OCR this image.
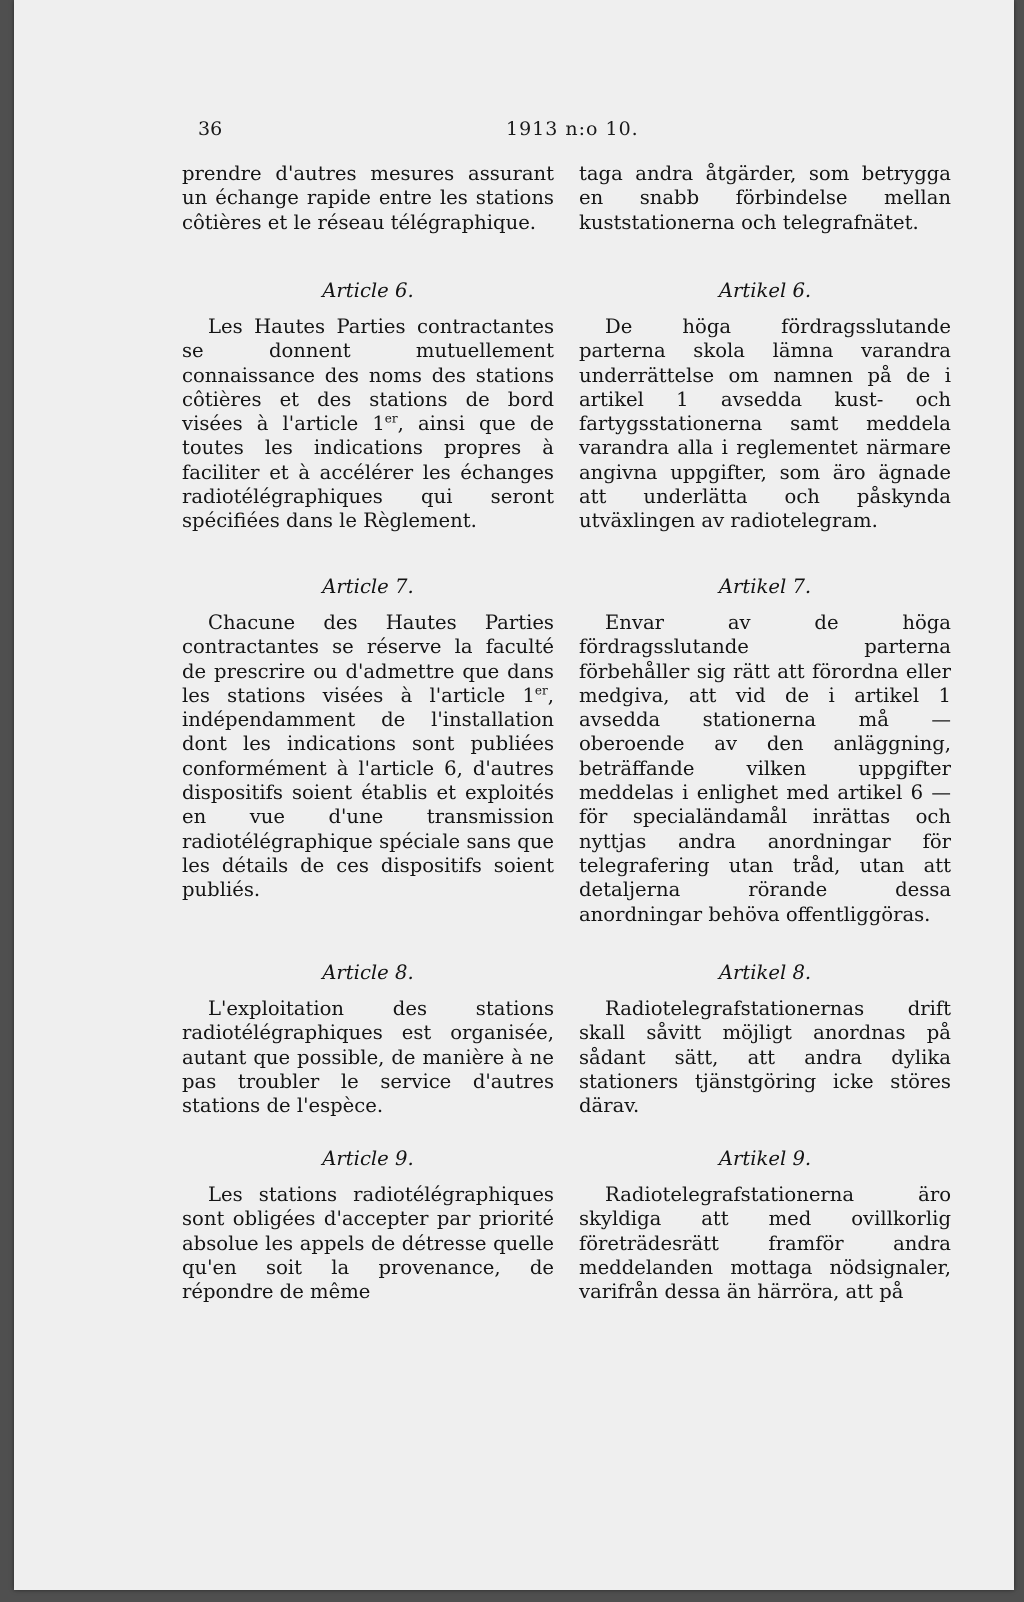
36	1913 n:o 10.

prendre d'autres mesures assurant un échange rapide entre les stations côtières et le réseau télégraphique.

Article 6.

Les Hautes Parties contractantes se donnent mutuellement connaissance des noms des stations côtières et des stations de bord visées à l'article 1er, ainsi que de toutes les indications propres à faciliter et à accélérer les échanges radiotélégraphiques qui seront spécifiées dans le Règlement.

Article 7.

Chacune des Hautes Parties contractantes se réserve la faculté de prescrire ou d'admettre que dans les stations visées à l'article 1er, indépendamment de l'installation dont les indications sont publiées conformément à l'article 6, d'autres dispositifs soient établis et exploités en vue d'une transmission radiotélégraphique spéciale sans que les détails de ces dispositifs soient publiés.

Article 8.

L'exploitation des stations radiotélégraphiques est organisée, autant que possible, de manière à ne pas troubler le service d'autres stations de l'espèce.

Article 9.

Les stations radiotélégraphiques sont obligées d'accepter par priorité absolue les appels de détresse quelle qu'en soit la provenance, de répondre de même

taga andra åtgärder, som betrygga en snabb förbindelse mellan kuststationerna och telegrafnätet.

Artikel 6.

De höga fördragsslutande parterna skola lämna varandra underrättelse om namnen på de i artikel 1 avsedda kust- och fartygsstationerna samt meddela varandra alla i reglementet närmare angivna uppgifter, som äro ägnade att underlätta och påskynda utväxlingen av radiotelegram.

Artikel 7.

Envar av de höga fördragsslutande parterna förbehåller sig rätt att förordna eller medgiva, att vid de i artikel 1 avsedda stationerna må — oberoende av den anläggning, beträffande vilken uppgifter meddelas i enlighet med artikel 6 — för specialändamål inrättas och nyttjas andra anordningar för telegrafering utan tråd, utan att detaljerna rörande dessa anordningar behöva offentliggöras.

Artikel 8.

Radiotelegrafstationernas drift skall såvitt möjligt anordnas på sådant sätt, att andra dylika stationers tjänstgöring icke störes därav.

Artikel 9.

Radiotelegrafstationerna äro skyldiga att med ovillkorlig företrädesrätt framför andra meddelanden mottaga nödsignaler, varifrån dessa än härröra, att på
